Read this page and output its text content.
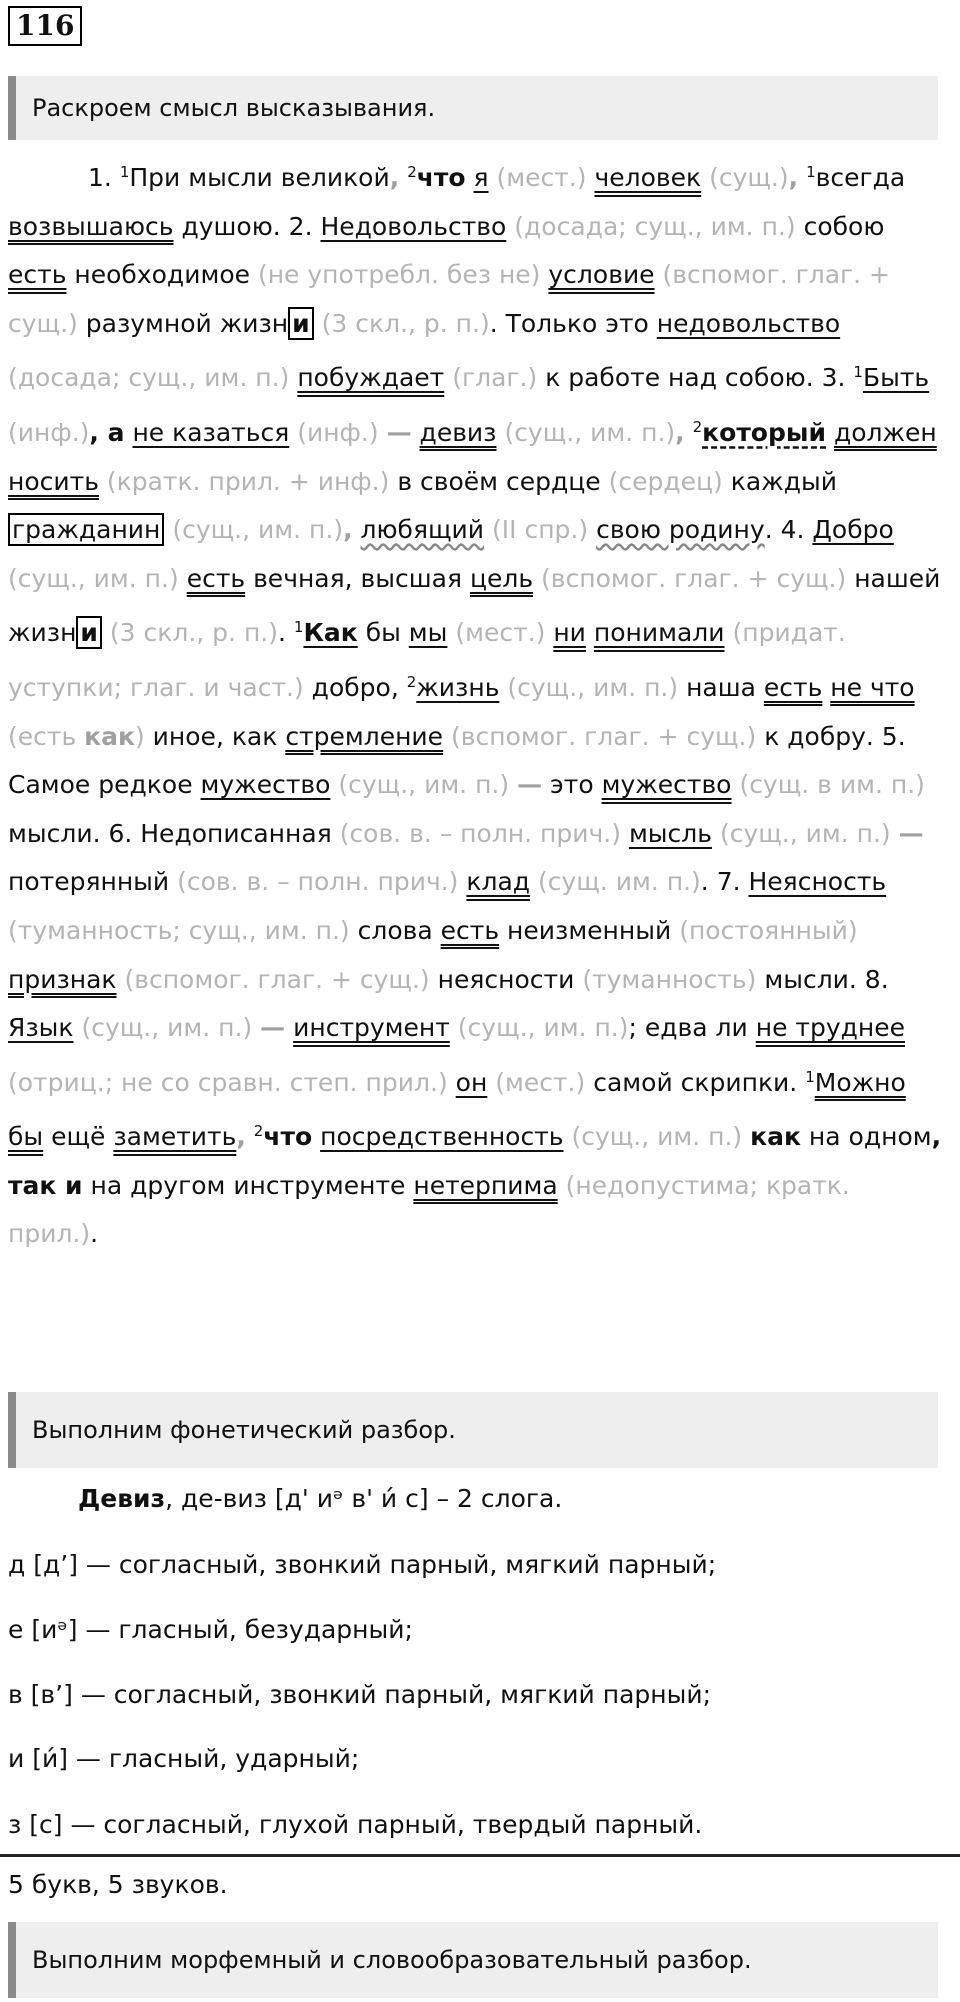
116
Раскроем смысл высказывания.

1. $^1$При мысли великой, $^2$что я (мест.) человек (сущ.), $^1$всегда возвышаюсь душою. 2. Недовольство (досада; сущ., им. п.) собою есть необходимое (не употребл. без не) условие (вспомог. глаг. + сущ.) разумной жизн и (3 скл., р. п.). Только это недовольство (досада; сущ., им. п.) побуждает (глаг.) к работе над собою. 3. $^1$Быть (инф.), а не казаться (инф.) — девиз (сущ., им. п.), $^2$который должен носить (кратк. прил. + инф.) в своём сердце (сердец) каждый гражданин (сущ., им. п.), любящий (II спр.) свою родину. 4. Добро (сущ., им. п.) есть вечная, высшая цель (вспомог. глаг. + сущ.) нашей жизн и (3 скл., р. п.). $^1$Как бы мы (мест.) ни понимали (придат. уступки; глаг. и част.) добро, $^2$жизнь (сущ., им. п.) наша есть не что (есть как) иное, как стремление (вспомог. глаг. + сущ.) к добру. 5. Самое редкое мужество (сущ., им. п.) — это мужество (сущ. в им. п.) мысли. 6. Недописанная (сов. в. – полн. прич.) мысль (сущ., им. п.) — потерянный (сов. в. – полн. прич.) клад (сущ. им. п.). 7. Неясность (туманность; сущ., им. п.) слова есть неизменный (постоянный) признак (вспомог. глаг. + сущ.) неясности (туманность) мысли. 8. Язык (сущ., им. п.) — инструмент (сущ., им. п.); едва ли не труднее (отриц.; не со сравн. степ. прил.) он (мест.) самой скрипки. $^1$Можно бы ещё заметить, $^2$что посредственность (сущ., им. п.) как на одном, так и на другом инструменте нетерпима (недопустима; кратк. прил.).

Выполним фонетический разбор.

Девиз, де-виз [д' иᵊ в' и́ с] – 2 слога.

д [д’] — согласный, звонкий парный, мягкий парный;

е [иᵊ] — гласный, безударный;

в [в’] — согласный, звонкий парный, мягкий парный;

и [и́] — гласный, ударный;

з [с] — согласный, глухой парный, твердый парный.

5 букв, 5 звуков.

Выполним морфемный и словообразовательный разбор.
